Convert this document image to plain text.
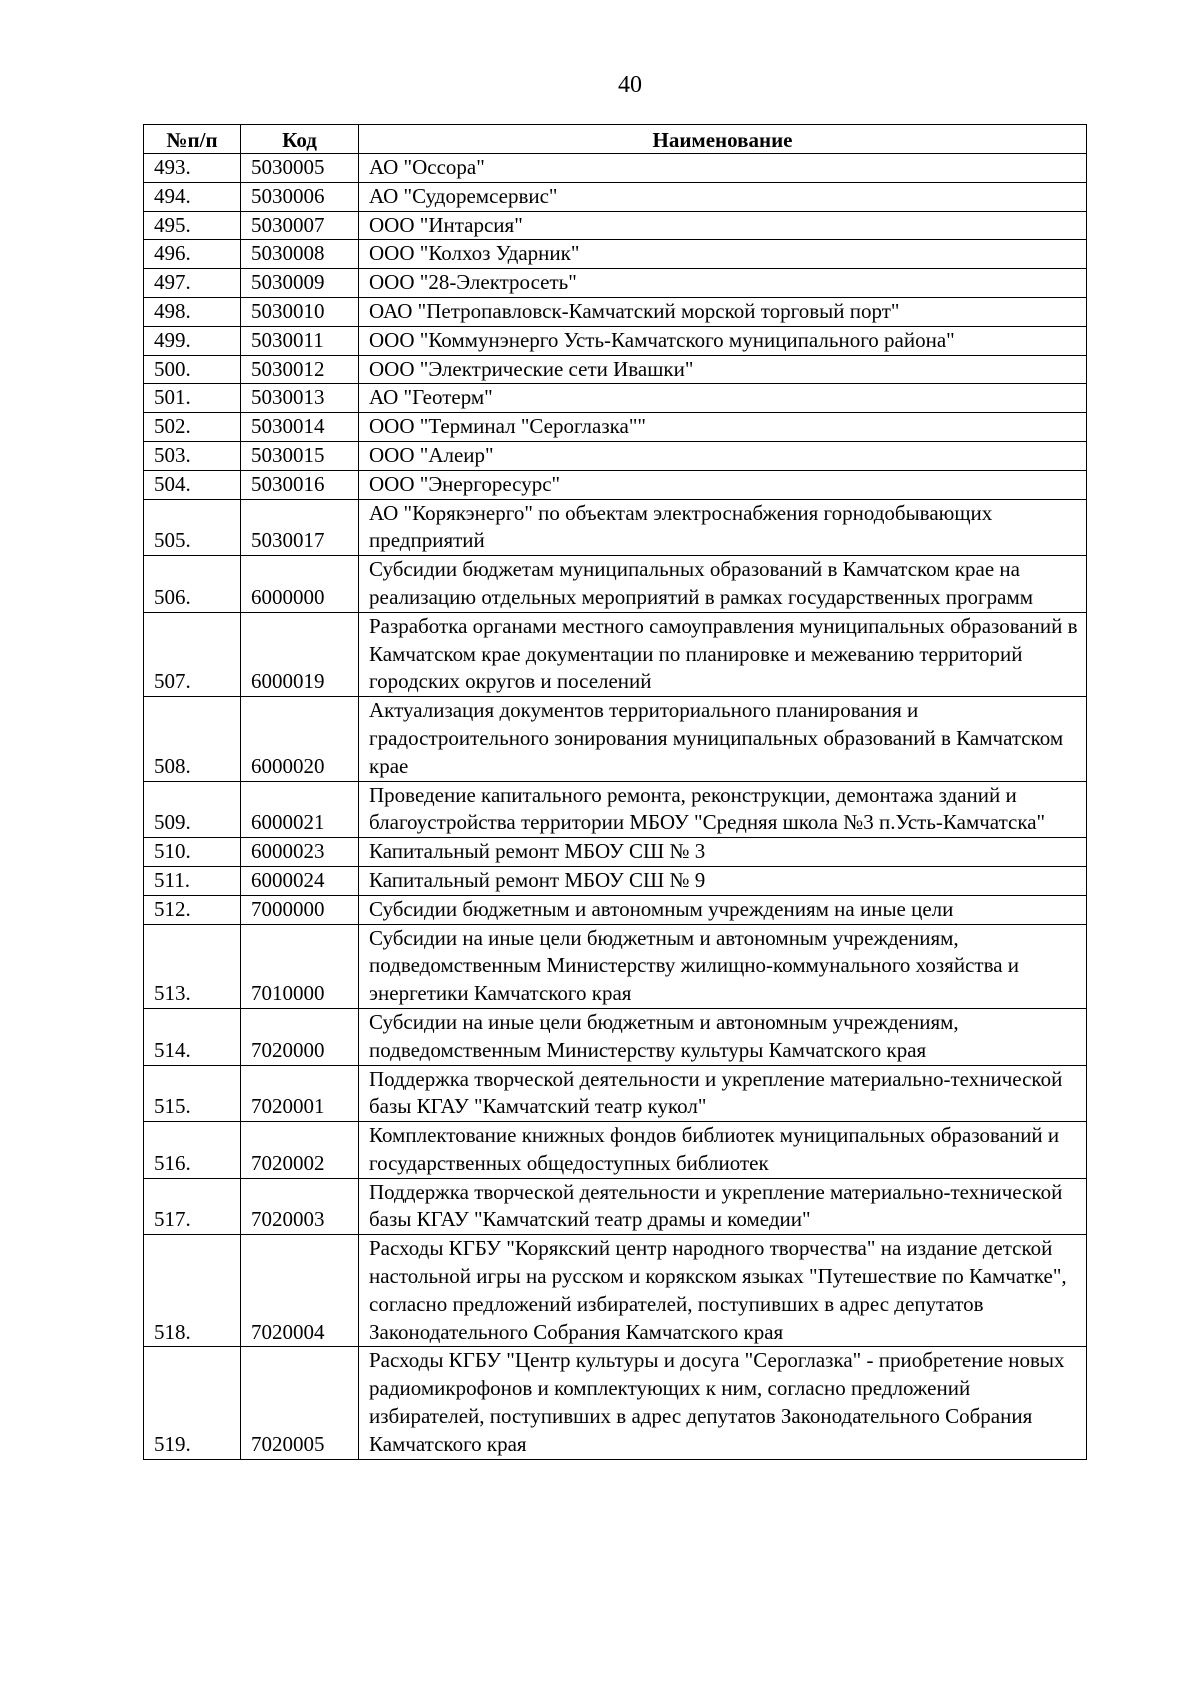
40
№п/п	Код	Наименование
493.	5030005	АО "Оссора"
494.	5030006	АО "Судоремсервис"
495.	5030007	ООО "Интарсия"
496.	5030008	ООО "Колхоз Ударник"
497.	5030009	ООО "28-Электросеть"
498.	5030010	ОАО "Петропавловск-Камчатский морской торговый порт"
499.	5030011	ООО "Коммунэнерго Усть-Камчатского муниципального района"
500.	5030012	ООО "Электрические сети Ивашки"
501.	5030013	АО "Геотерм"
502.	5030014	ООО "Терминал "Сероглазка""
503.	5030015	ООО "Алеир"
504.	5030016	ООО "Энергоресурс"
505.	5030017	АО "Корякэнерго" по объектам электроснабжения горнодобывающих предприятий
506.	6000000	Субсидии бюджетам муниципальных образований в Камчатском крае на реализацию отдельных мероприятий в рамках государственных программ
507.	6000019	Разработка органами местного самоуправления муниципальных образований в Камчатском крае документации по планировке и межеванию территорий городских округов и поселений
508.	6000020	Актуализация документов территориального планирования и градостроительного зонирования муниципальных образований в Камчатском крае
509.	6000021	Проведение капитального ремонта, реконструкции, демонтажа зданий и благоустройства территории МБОУ "Средняя школа №3 п.Усть-Камчатска"
510.	6000023	Капитальный ремонт МБОУ СШ № 3
511.	6000024	Капитальный ремонт МБОУ СШ № 9
512.	7000000	Субсидии бюджетным и автономным учреждениям на иные цели
513.	7010000	Субсидии на иные цели бюджетным и автономным учреждениям, подведомственным Министерству жилищно-коммунального хозяйства и энергетики Камчатского края
514.	7020000	Субсидии на иные цели бюджетным и автономным учреждениям, подведомственным Министерству культуры Камчатского края
515.	7020001	Поддержка творческой деятельности и укрепление материально-технической базы КГАУ "Камчатский театр кукол"
516.	7020002	Комплектование книжных фондов библиотек муниципальных образований и государственных общедоступных библиотек
517.	7020003	Поддержка творческой деятельности и укрепление материально-технической базы КГАУ "Камчатский театр драмы и комедии"
518.	7020004	Расходы КГБУ "Корякский центр народного творчества" на издание детской настольной игры на русском и корякском языках "Путешествие по Камчатке", согласно предложений избирателей, поступивших в адрес депутатов Законодательного Собрания Камчатского края
519.	7020005	Расходы КГБУ "Центр культуры и досуга "Сероглазка" - приобретение новых радиомикрофонов и комплектующих к ним, согласно предложений избирателей, поступивших в адрес депутатов Законодательного Собрания Камчатского края
